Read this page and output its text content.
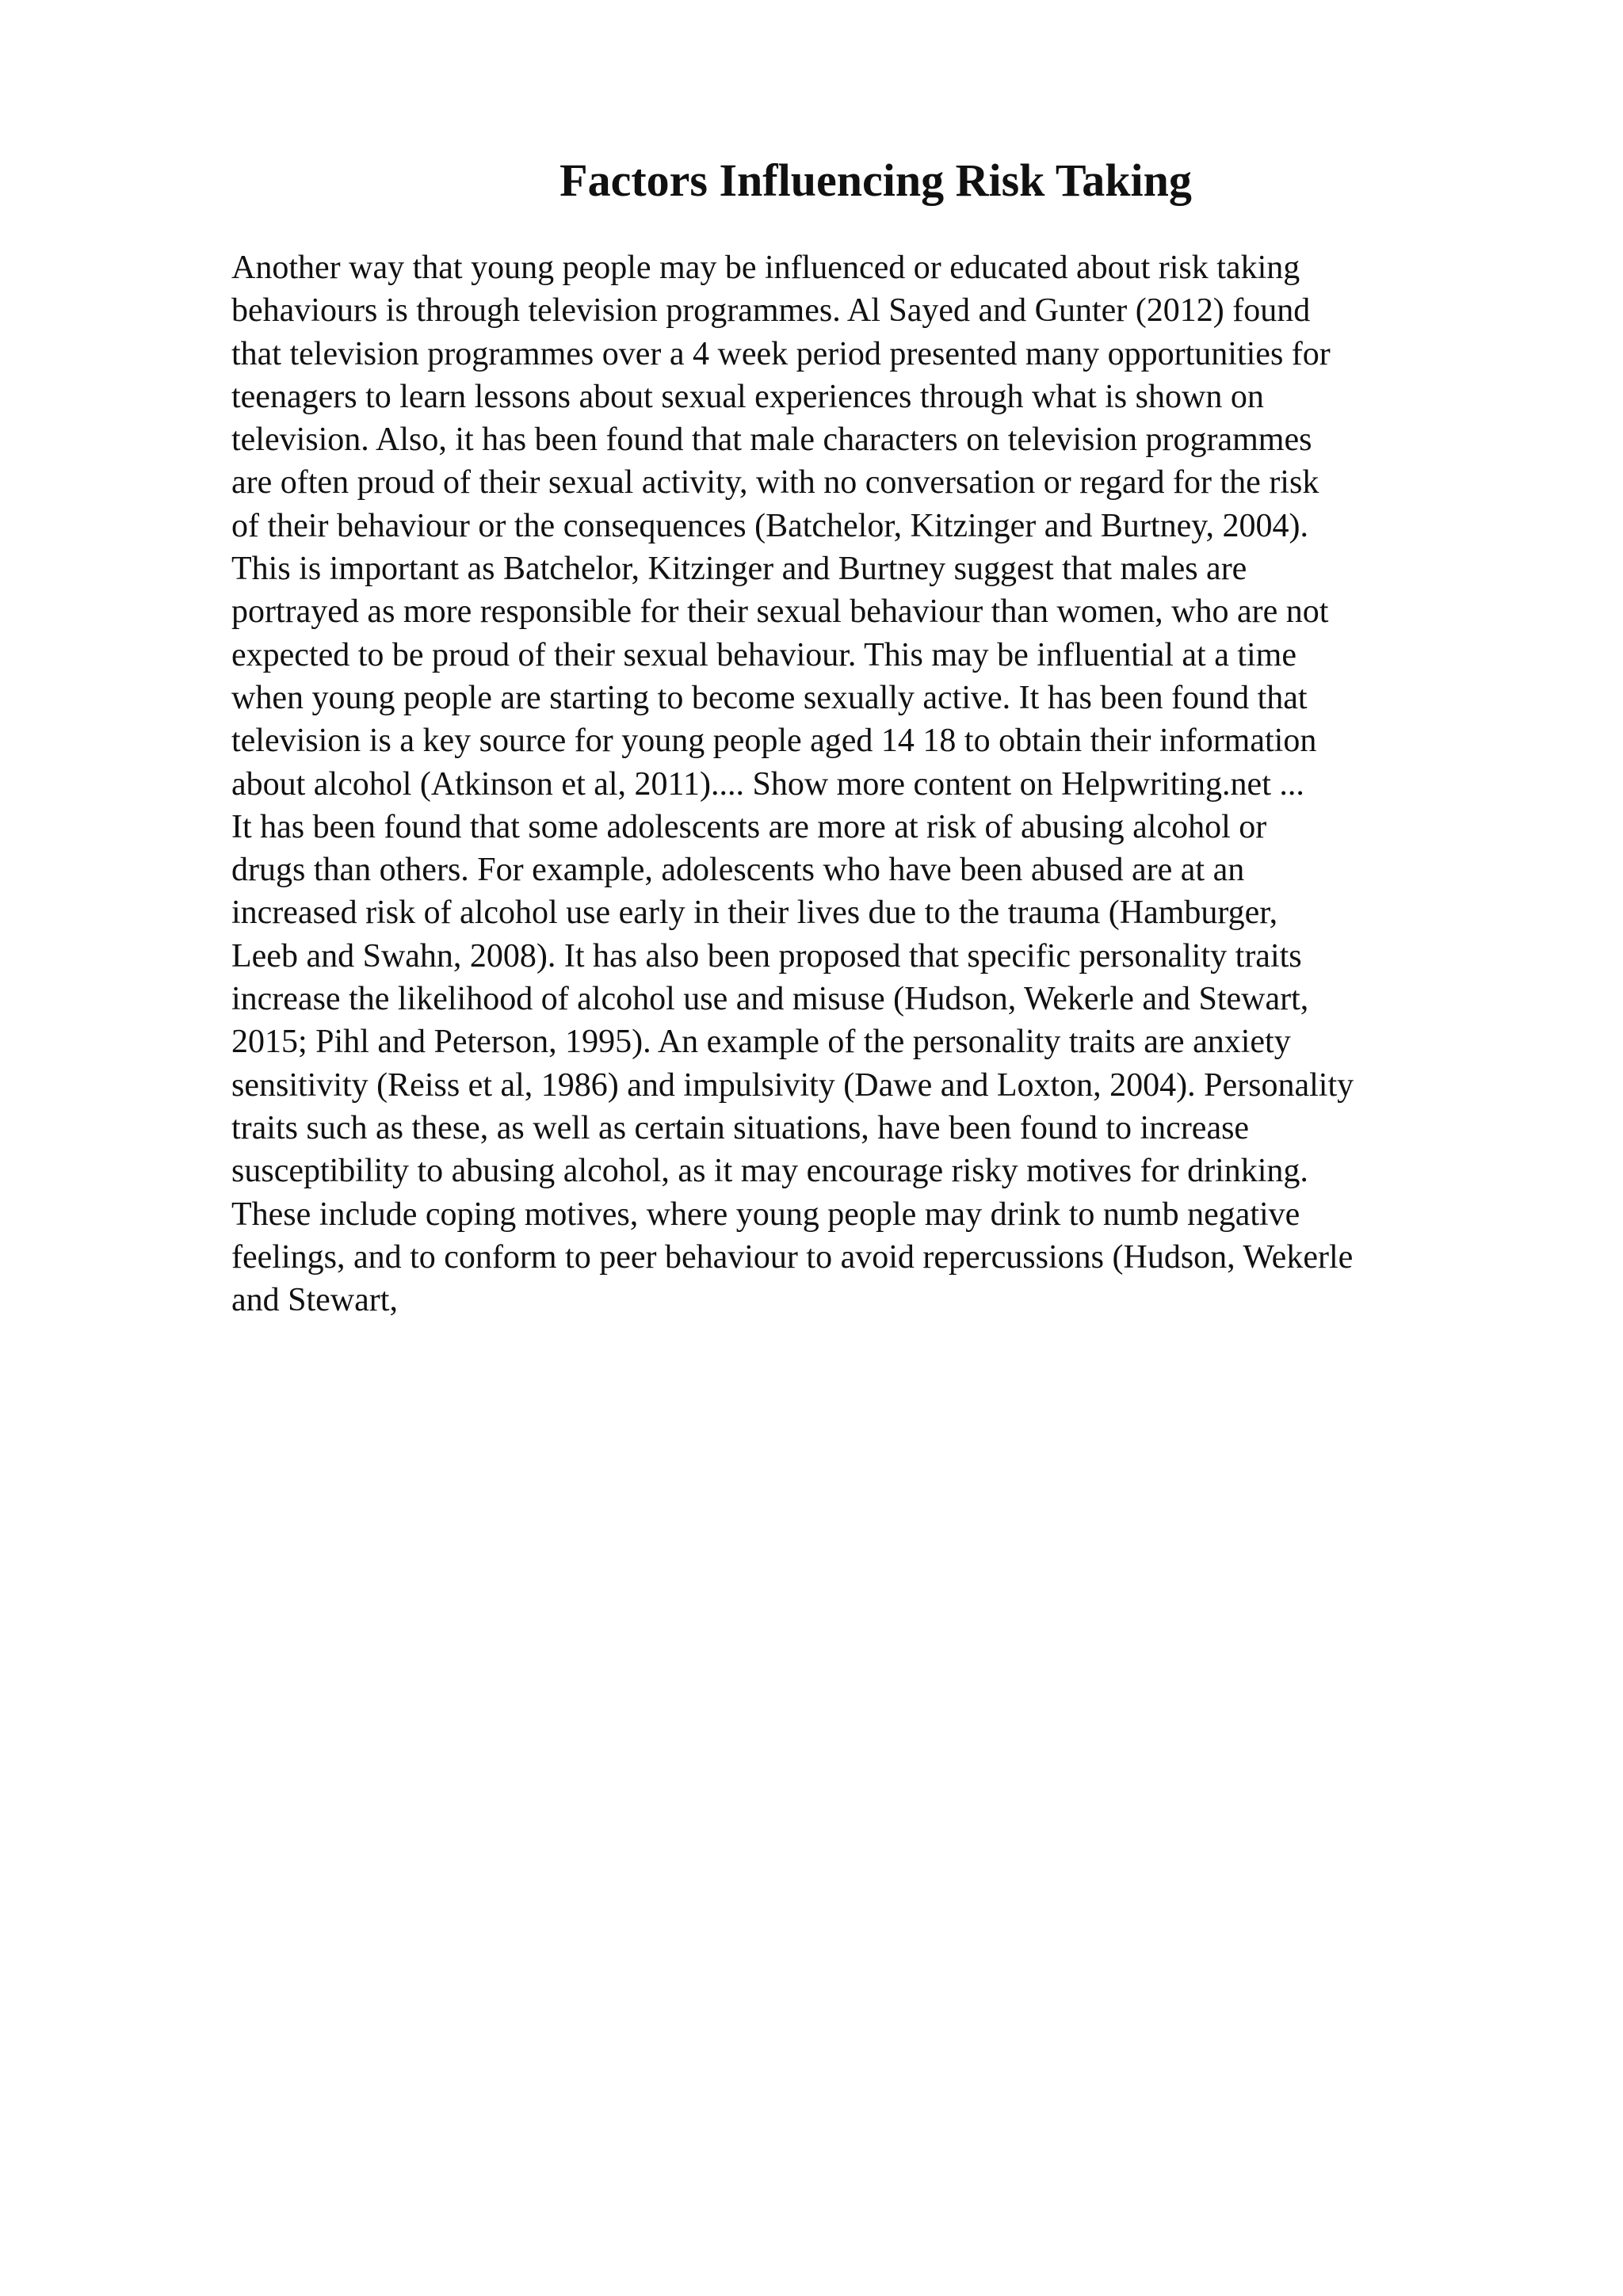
Factors Influencing Risk Taking
Another way that young people may be influenced or educated about risk taking
behaviours is through television programmes. Al Sayed and Gunter (2012) found
that television programmes over a 4 week period presented many opportunities for
teenagers to learn lessons about sexual experiences through what is shown on
television. Also, it has been found that male characters on television programmes
are often proud of their sexual activity, with no conversation or regard for the risk
of their behaviour or the consequences (Batchelor, Kitzinger and Burtney, 2004).
This is important as Batchelor, Kitzinger and Burtney suggest that males are
portrayed as more responsible for their sexual behaviour than women, who are not
expected to be proud of their sexual behaviour. This may be influential at a time
when young people are starting to become sexually active. It has been found that
television is a key source for young people aged 14 18 to obtain their information
about alcohol (Atkinson et al, 2011).... Show more content on Helpwriting.net ...
It has been found that some adolescents are more at risk of abusing alcohol or
drugs than others. For example, adolescents who have been abused are at an
increased risk of alcohol use early in their lives due to the trauma (Hamburger,
Leeb and Swahn, 2008). It has also been proposed that specific personality traits
increase the likelihood of alcohol use and misuse (Hudson, Wekerle and Stewart,
2015; Pihl and Peterson, 1995). An example of the personality traits are anxiety
sensitivity (Reiss et al, 1986) and impulsivity (Dawe and Loxton, 2004). Personality
traits such as these, as well as certain situations, have been found to increase
susceptibility to abusing alcohol, as it may encourage risky motives for drinking.
These include coping motives, where young people may drink to numb negative
feelings, and to conform to peer behaviour to avoid repercussions (Hudson, Wekerle
and Stewart,
